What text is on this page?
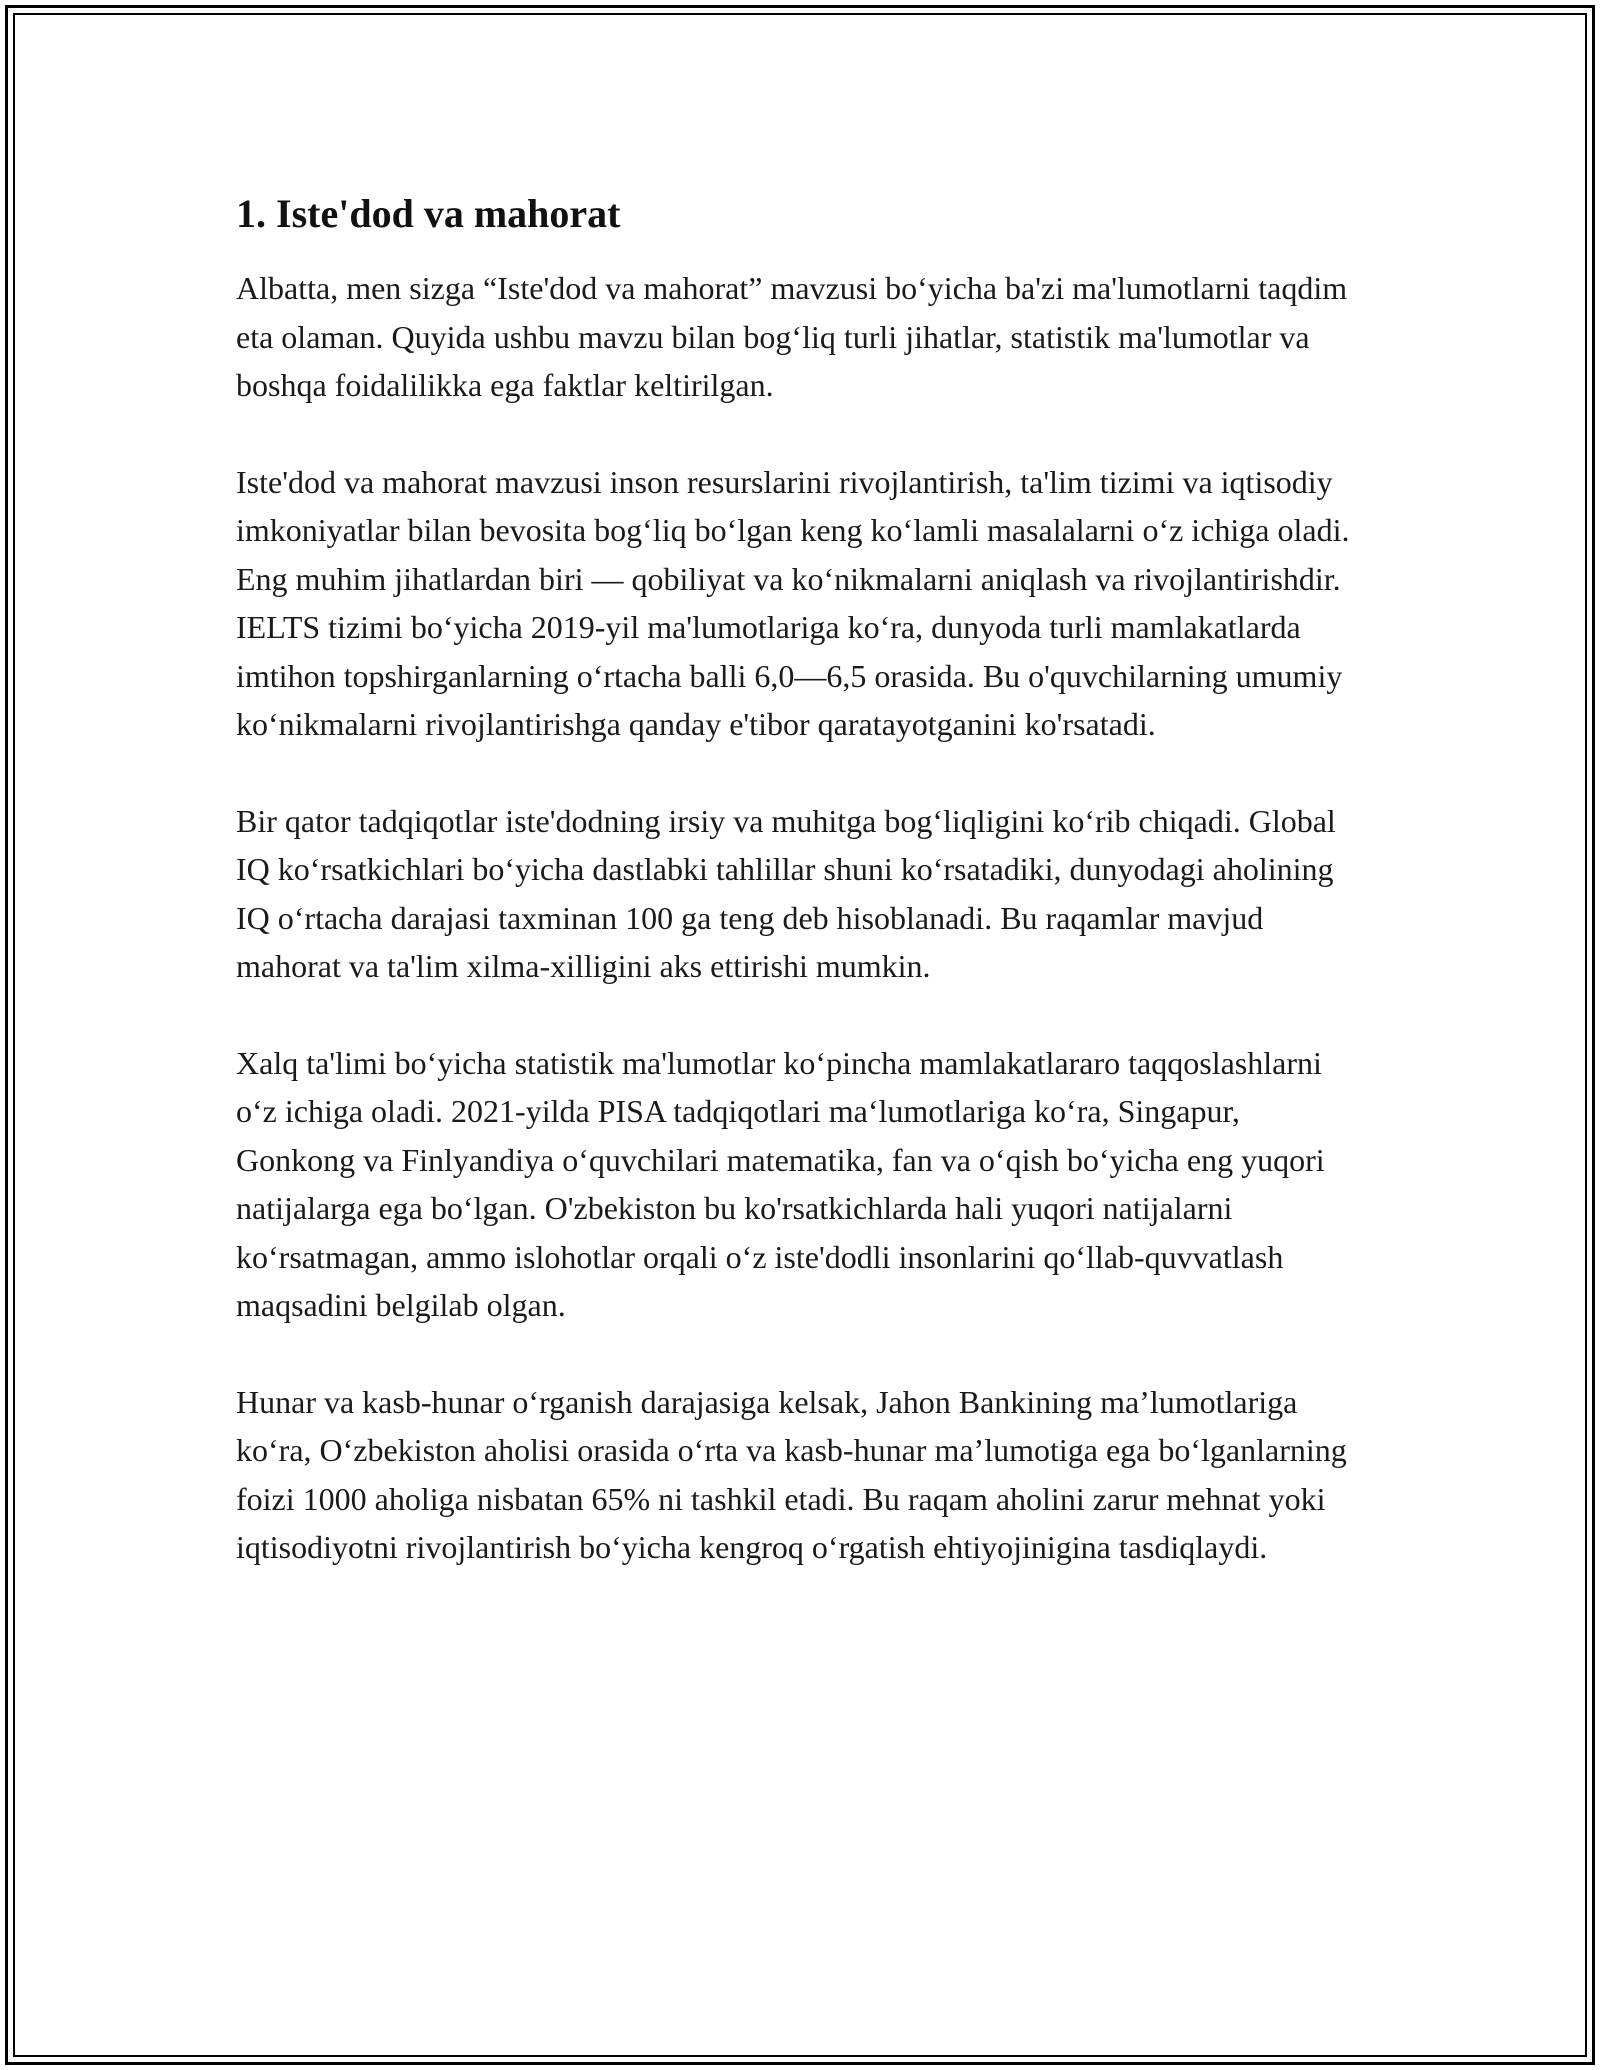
1. Iste'dod va mahorat

Albatta, men sizga “Iste'dod va mahorat” mavzusi boʻyicha ba'zi ma'lumotlarni taqdim eta olaman. Quyida ushbu mavzu bilan bogʻliq turli jihatlar, statistik ma'lumotlar va boshqa foidalilikka ega faktlar keltirilgan.

Iste'dod va mahorat mavzusi inson resurslarini rivojlantirish, ta'lim tizimi va iqtisodiy imkoniyatlar bilan bevosita bogʻliq boʻlgan keng koʻlamli masalalarni oʻz ichiga oladi. Eng muhim jihatlardan biri — qobiliyat va koʻnikmalarni aniqlash va rivojlantirishdir. IELTS tizimi boʻyicha 2019-yil ma'lumotlariga koʻra, dunyoda turli mamlakatlarda imtihon topshirganlarning oʻrtacha balli 6,0—6,5 orasida. Bu o'quvchilarning umumiy koʻnikmalarni rivojlantirishga qanday e'tibor qaratayotganini ko'rsatadi.

Bir qator tadqiqotlar iste'dodning irsiy va muhitga bogʻliqligini koʻrib chiqadi. Global IQ koʻrsatkichlari boʻyicha dastlabki tahlillar shuni koʻrsatadiki, dunyodagi aholining IQ oʻrtacha darajasi taxminan 100 ga teng deb hisoblanadi. Bu raqamlar mavjud mahorat va ta'lim xilma-xilligini aks ettirishi mumkin.

Xalq ta'limi boʻyicha statistik ma'lumotlar koʻpincha mamlakatlararo taqqoslashlarni oʻz ichiga oladi. 2021-yilda PISA tadqiqotlari maʻlumotlariga koʻra, Singapur, Gonkong va Finlyandiya oʻquvchilari matematika, fan va oʻqish boʻyicha eng yuqori natijalarga ega boʻlgan. O'zbekiston bu ko'rsatkichlarda hali yuqori natijalarni koʻrsatmagan, ammo islohotlar orqali oʻz iste'dodli insonlarini qoʻllab-quvvatlash maqsadini belgilab olgan.

Hunar va kasb-hunar oʻrganish darajasiga kelsak, Jahon Bankining ma’lumotlariga koʻra, Oʻzbekiston aholisi orasida oʻrta va kasb-hunar ma’lumotiga ega boʻlganlarning foizi 1000 aholiga nisbatan 65% ni tashkil etadi. Bu raqam aholini zarur mehnat yoki iqtisodiyotni rivojlantirish boʻyicha kengroq oʻrgatish ehtiyojinigina tasdiqlaydi.
